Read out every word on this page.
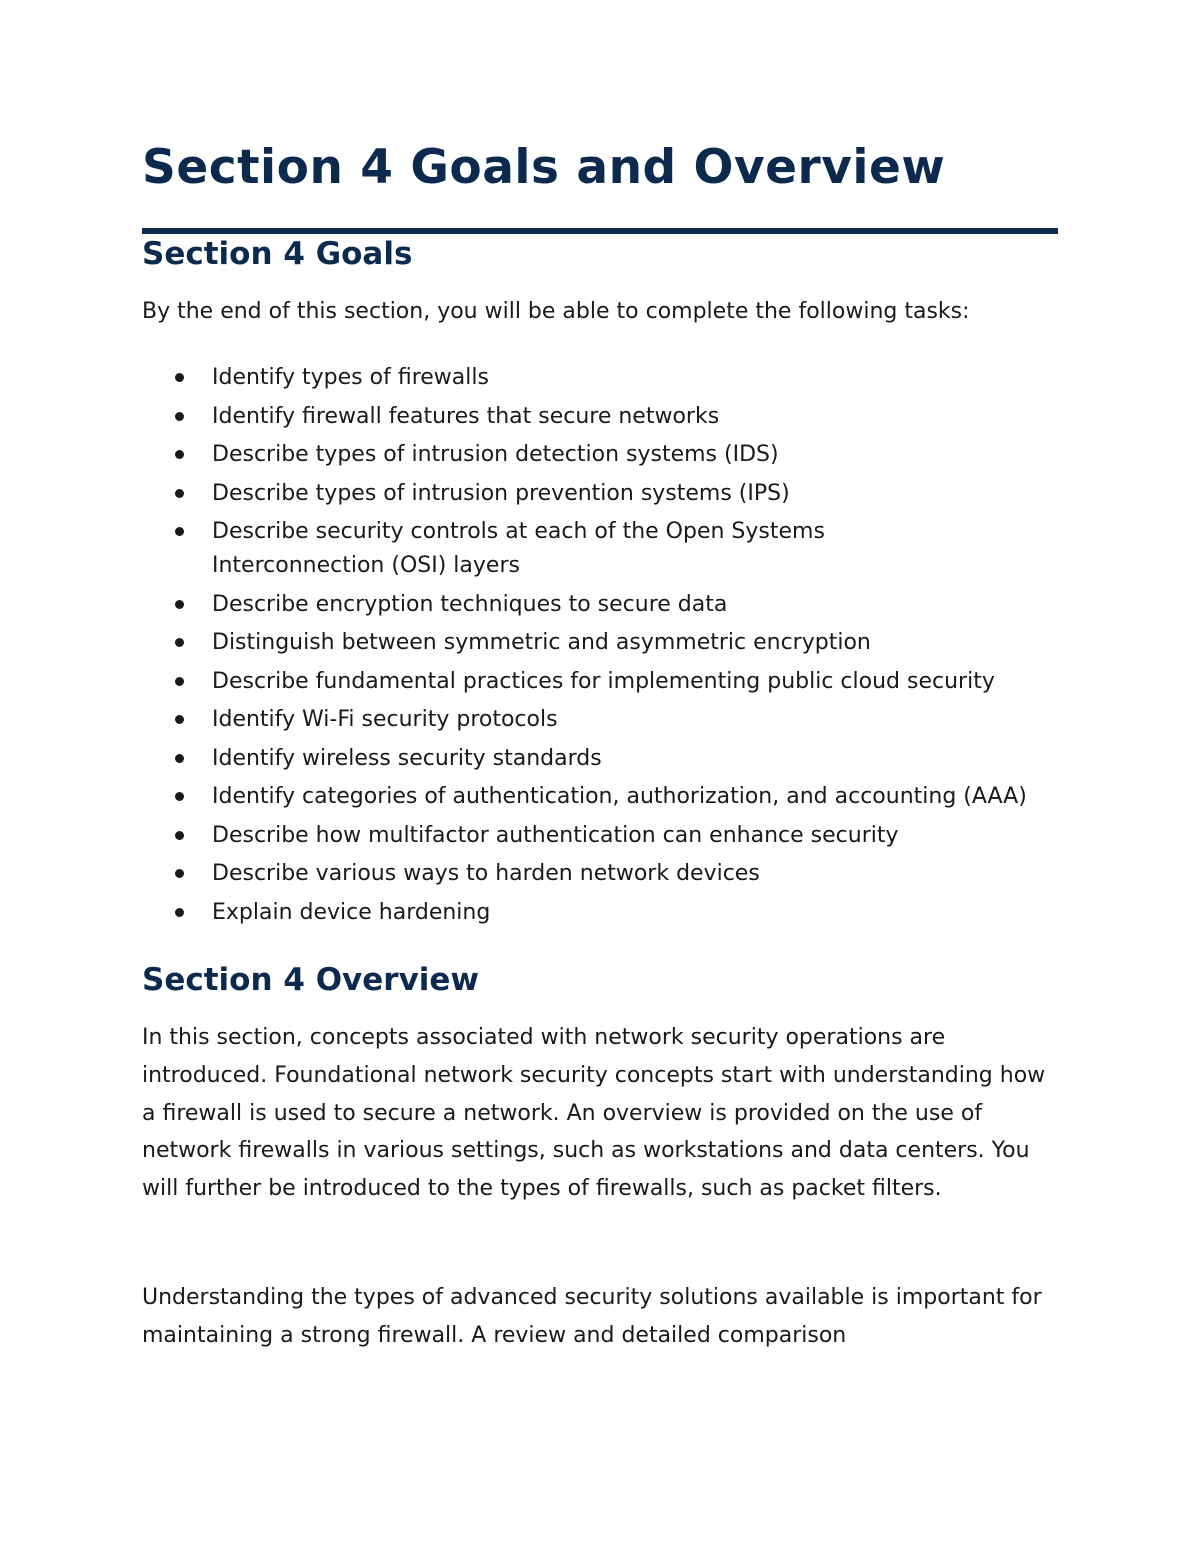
Section 4 Goals and Overview
Section 4 Goals

By the end of this section, you will be able to complete the following tasks:

Identify types of firewalls
Identify firewall features that secure networks
Describe types of intrusion detection systems (IDS)
Describe types of intrusion prevention systems (IPS)
Describe security controls at each of the Open Systems Interconnection (OSI) layers
Describe encryption techniques to secure data
Distinguish between symmetric and asymmetric encryption
Describe fundamental practices for implementing public cloud security
Identify Wi-Fi security protocols
Identify wireless security standards
Identify categories of authentication, authorization, and accounting (AAA)
Describe how multifactor authentication can enhance security
Describe various ways to harden network devices
Explain device hardening
Section 4 Overview

In this section, concepts associated with network security operations are introduced. Foundational network security concepts start with understanding how a firewall is used to secure a network. An overview is provided on the use of network firewalls in various settings, such as workstations and data centers. You will further be introduced to the types of firewalls, such as packet filters.

Understanding the types of advanced security solutions available is important for maintaining a strong firewall. A review and detailed comparison
